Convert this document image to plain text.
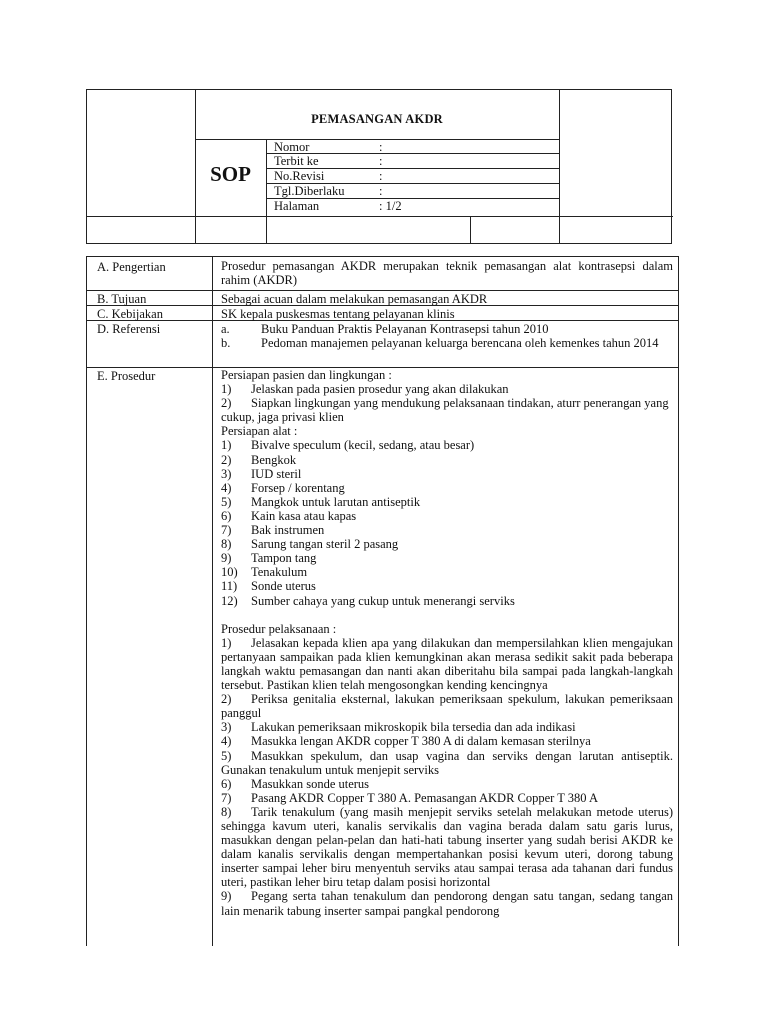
PEMASANGAN AKDR
SOP
Nomor	:
Terbit ke	:
No.Revisi	:
Tgl.Diberlaku	:
Halaman	: 1/2
A. Pengertian	Prosedur pemasangan AKDR merupakan teknik pemasangan alat kontrasepsi dalam rahim (AKDR)
B. Tujuan	Sebagai acuan dalam melakukan pemasangan AKDR
C. Kebijakan	SK kepala puskesmas tentang pelayanan klinis
D. Referensi	a.	Buku Panduan Praktis Pelayanan Kontrasepsi tahun 2010

b. Pedoman manajemen pelayanan keluarga berencana oleh kemenkes tahun 2014

E. Prosedur	Persiapan pasien dan lingkungan :

1) Jelaskan pada pasien prosedur yang akan dilakukan

2) Siapkan lingkungan yang mendukung pelaksanaan tindakan, aturr penerangan yang cukup, jaga privasi klien

Persiapan alat :

1) Bivalve speculum (kecil, sedang, atau besar)

2) Bengkok

3) IUD steril

4) Forsep / korentang

5) Mangkok untuk larutan antiseptik

6) Kain kasa atau kapas

7) Bak instrumen

8) Sarung tangan steril 2 pasang

9) Tampon tang

10) Tenakulum

11) Sonde uterus

12) Sumber cahaya yang cukup untuk menerangi serviks

Prosedur pelaksanaan :

1) Jelasakan kepada klien apa yang dilakukan dan mempersilahkan klien mengajukan pertanyaan sampaikan pada klien kemungkinan akan merasa sedikit sakit pada beberapa langkah waktu pemasangan dan nanti akan diberitahu bila sampai pada langkah-langkah tersebut. Pastikan klien telah mengosongkan kending kencingnya

2) Periksa genitalia eksternal, lakukan pemeriksaan spekulum, lakukan pemeriksaan panggul

3) Lakukan pemeriksaan mikroskopik bila tersedia dan ada indikasi

4) Masukka lengan AKDR copper T 380 A di dalam kemasan sterilnya

5) Masukkan spekulum, dan usap vagina dan serviks dengan larutan antiseptik.        Gunakan tenakulum untuk menjepit serviks

6) Masukkan sonde uterus

7) Pasang AKDR Copper T 380 A. Pemasangan AKDR Copper T 380 A

8) Tarik tenakulum (yang masih menjepit serviks setelah melakukan metode uterus) sehingga kavum uteri, kanalis servikalis dan vagina berada dalam satu garis lurus, masukkan dengan pelan-pelan dan hati-hati tabung inserter yang sudah berisi AKDR ke dalam kanalis servikalis dengan mempertahankan posisi kevum uteri, dorong tabung inserter sampai leher biru menyentuh serviks atau sampai terasa ada tahanan dari fundus uteri, pastikan leher biru tetap dalam posisi horizontal

9) Pegang serta tahan tenakulum dan pendorong dengan satu tangan, sedang tangan lain menarik tabung inserter sampai pangkal pendorong
